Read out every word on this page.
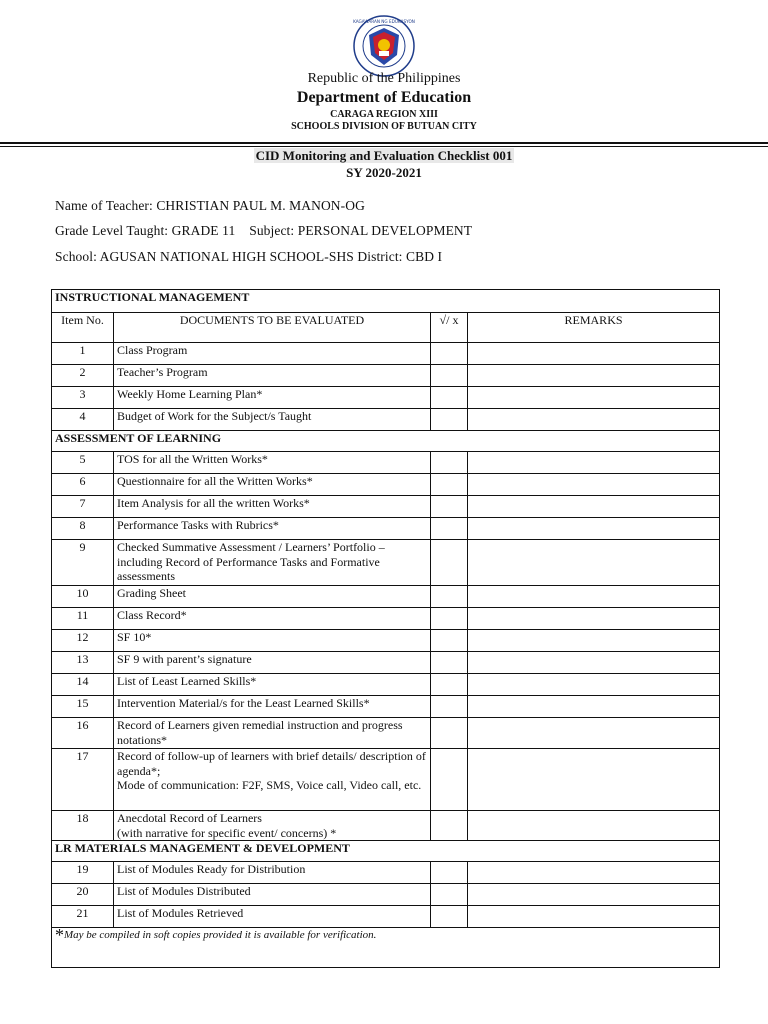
KAGAWARAN NG EDUKASYON
Republic of the Philippines
Department of Education
CARAGA REGION XIII
SCHOOLS DIVISION OF BUTUAN CITY
CID Monitoring and Evaluation Checklist 001
SY 2020-2021
Name of Teacher: CHRISTIAN PAUL M. MANON-OG
Grade Level Taught: GRADE 11    Subject: PERSONAL DEVELOPMENT
School: AGUSAN NATIONAL HIGH SCHOOL-SHS District: CBD I
INSTRUCTIONAL MANAGEMENT			
Item No.	DOCUMENTS TO BE EVALUATED	√/ x	REMARKS
1	Class Program		
2	Teacher’s Program		
3	Weekly Home Learning Plan*		
4	Budget of Work for the Subject/s Taught		
ASSESSMENT OF LEARNING			
5	TOS for all the Written Works*		
6	Questionnaire for all the Written Works*		
7	Item Analysis for all the written Works*		
8	Performance Tasks with Rubrics*		
9	Checked Summative Assessment / Learners’ Portfolio – including Record of Performance Tasks and Formative assessments		
10	Grading Sheet		
11	Class Record*		
12	SF 10*		
13	SF 9 with parent’s signature		
14	List of Least Learned Skills*		
15	Intervention Material/s for the Least Learned Skills*		
16	Record of Learners given remedial instruction and progress notations*		
17	Record of follow-up of learners with brief details/ description of agenda*;
Mode of communication: F2F, SMS, Voice call, Video call, etc.		

18	Anecdotal Record of Learners
(with narrative for specific event/ concerns) *		

LR MATERIALS MANAGEMENT & DEVELOPMENT			
19	List of Modules Ready for Distribution		
20	List of Modules Distributed		
21	List of Modules Retrieved		
*May be compiled in soft copies provided it is available for verification.			
